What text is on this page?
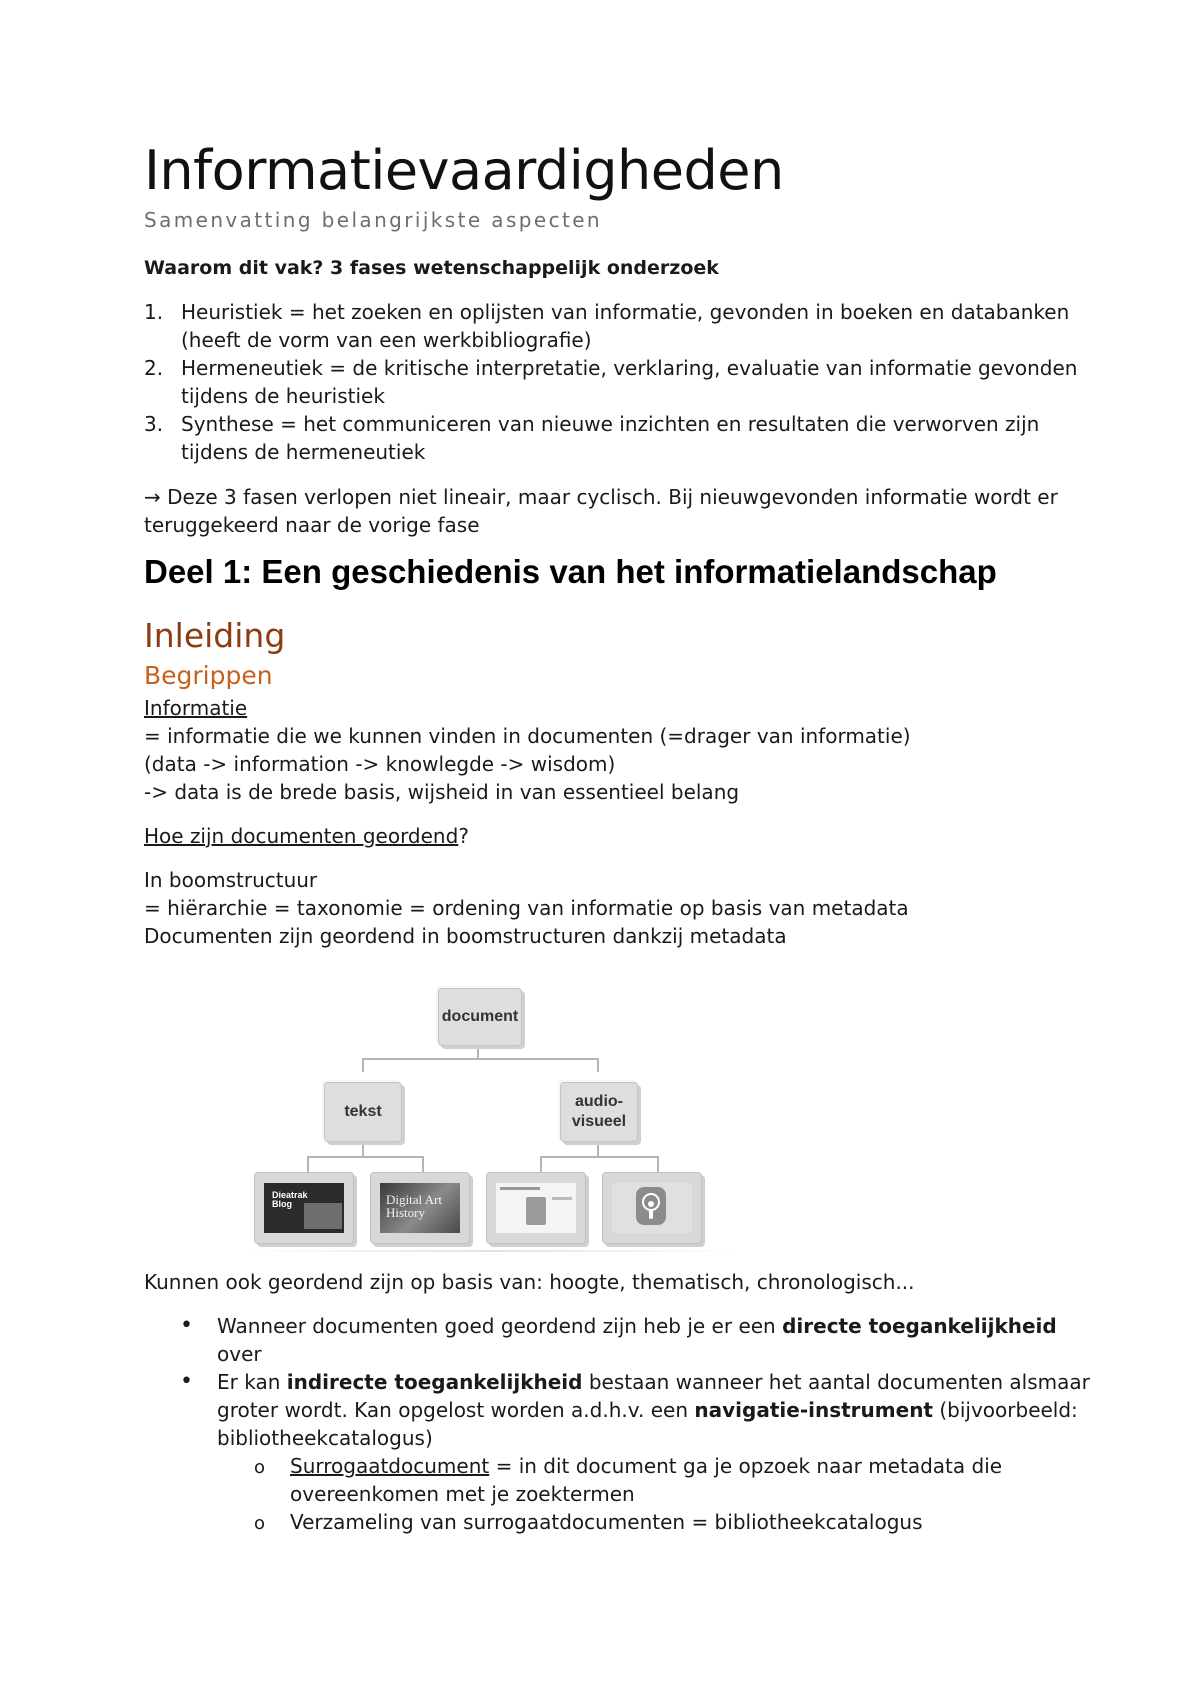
Informatievaardigheden
Samenvatting belangrijkste aspecten
Waarom dit vak? 3 fases wetenschappelijk onderzoek
1. Heuristiek = het zoeken en oplijsten van informatie, gevonden in boeken en databanken
(heeft de vorm van een werkbibliografie)
2. Hermeneutiek = de kritische interpretatie, verklaring, evaluatie van informatie gevonden
tijdens de heuristiek
3. Synthese = het communiceren van nieuwe inzichten en resultaten die verworven zijn
tijdens de hermeneutiek
→ Deze 3 fasen verlopen niet lineair, maar cyclisch. Bij nieuwgevonden informatie wordt er
teruggekeerd naar de vorige fase
Deel 1: Een geschiedenis van het informatielandschap
Inleiding
Begrippen
Informatie
= informatie die we kunnen vinden in documenten (=drager van informatie)
(data -> information -> knowlegde -> wisdom)
-> data is de brede basis, wijsheid in van essentieel belang
Hoe zijn documenten geordend?
In boomstructuur
= hiërarchie = taxonomie = ordening van informatie op basis van metadata
Documenten zijn geordend in boomstructuren dankzij metadata
Kunnen ook geordend zijn op basis van: hoogte, thematisch, chronologisch...
• Wanneer documenten goed geordend zijn heb je er een directe toegankelijkheid
over
• Er kan indirecte toegankelijkheid bestaan wanneer het aantal documenten alsmaar
groter wordt. Kan opgelost worden a.d.h.v. een navigatie-instrument (bijvoorbeeld:
bibliotheekcatalogus)
o Surrogaatdocument = in dit document ga je opzoek naar metadata die
overeenkomen met je zoektermen
o Verzameling van surrogaatdocumenten = bibliotheekcatalogus
document
tekst
audio-
visueel
Dieatrak Blog	Digital Art History
